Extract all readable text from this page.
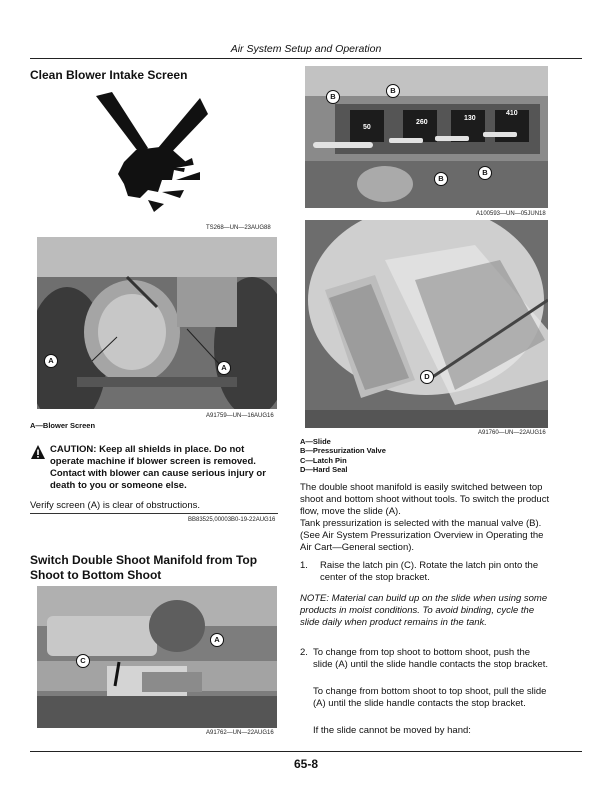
Air System Setup and Operation
Clean Blower Intake Screen
TS268—UN—23AUG88
A
A
A91759—UN—16AUG16
A—Blower Screen
CAUTION: Keep all shields in place. Do not operate machine if blower screen is removed. Contact with blower can cause serious injury or death to you or someone else.
Verify screen (A) is clear of obstructions.
BB83525,00003B0-19-22AUG16
Switch Double Shoot Manifold from Top Shoot to Bottom Shoot
A
C
A91762—UN—22AUG16
50
260
130
410
B
B
B
B
A100593—UN—05JUN18
D
A91760—UN—22AUG16
A—Slide
B—Pressurization Valve
C—Latch Pin
D—Hard Seal
The double shoot manifold is easily switched between top shoot and bottom shoot without tools. To switch the product flow, move the slide (A).
Tank pressurization is selected with the manual valve (B). (See Air System Pressurization Overview in Operating the Air Cart—General section).
1. Raise the latch pin (C). Rotate the latch pin onto the center of the stop bracket.
NOTE: Material can build up on the slide when using some products in moist conditions. To avoid binding, cycle the slide daily when product remains in the tank.
2. To change from top shoot to bottom shoot, push the slide (A) until the slide handle contacts the stop bracket.
To change from bottom shoot to top shoot, pull the slide (A) until the slide handle contacts the stop bracket.
If the slide cannot be moved by hand:
65-8
